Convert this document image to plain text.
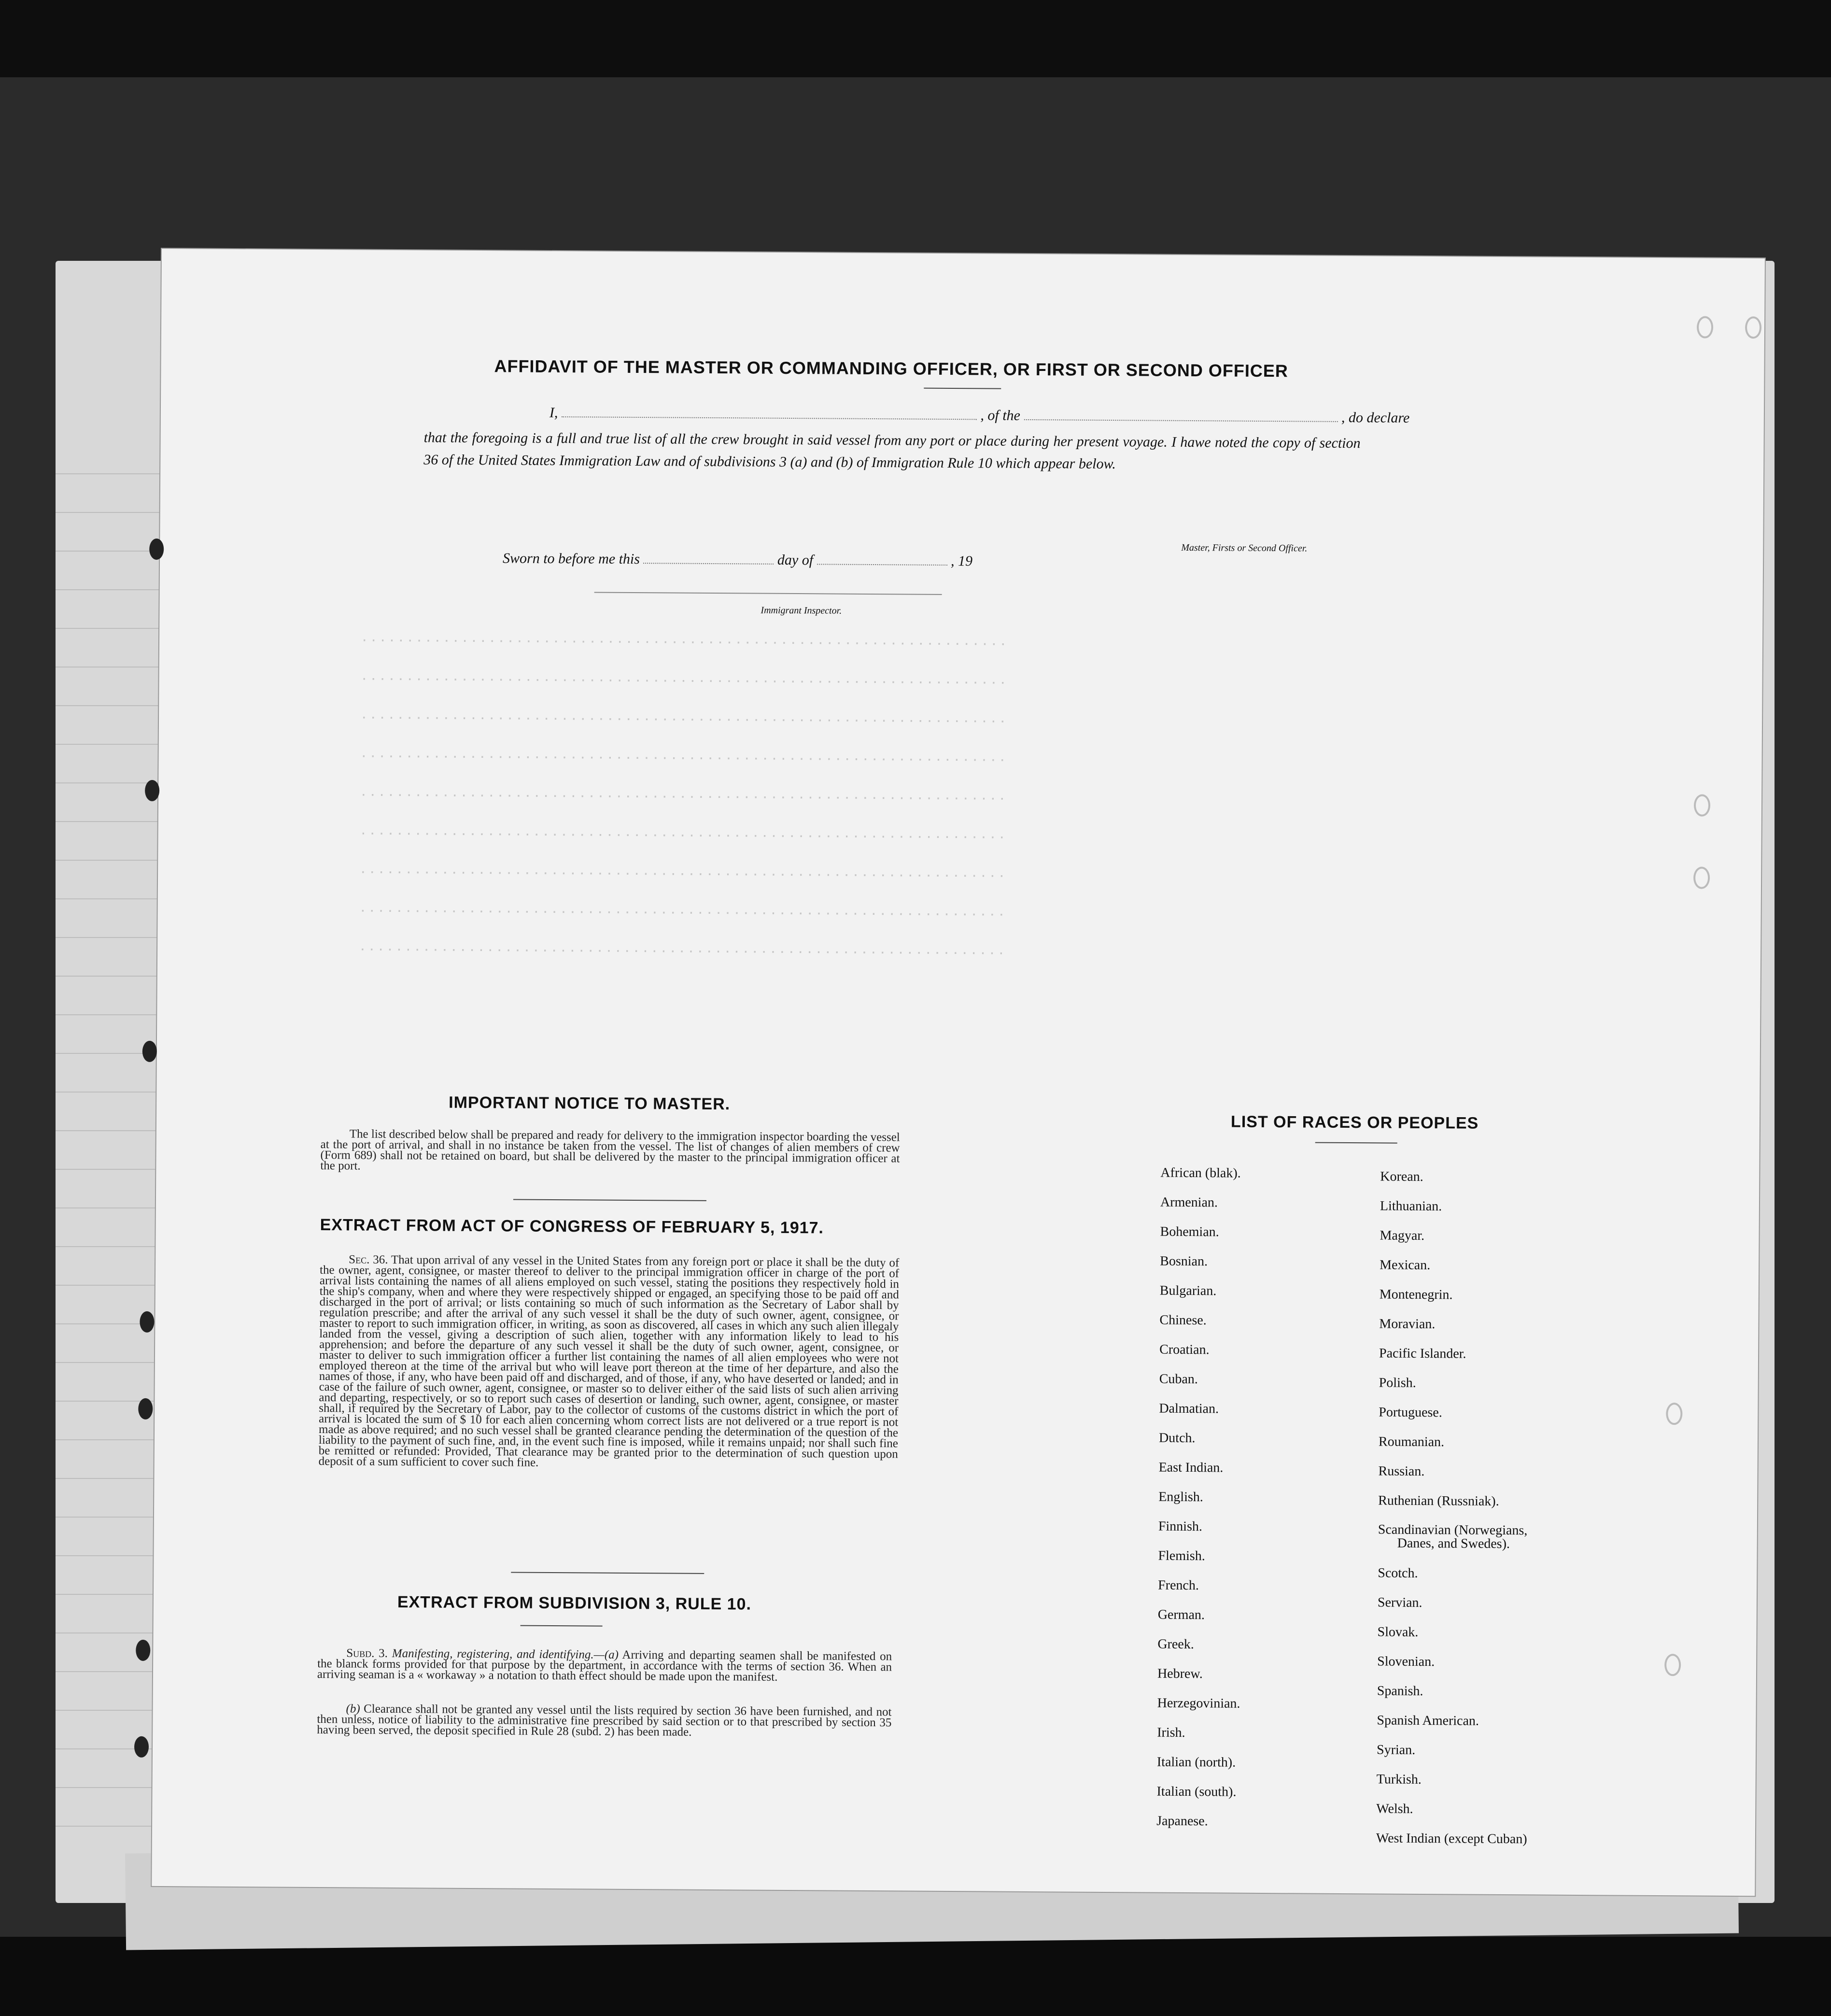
. . . . . . . . . . . . . . . . . . . . . . . . . . . . . . . . . . . . . . . . . . . . . . . . . . . . . . . . . . . . . . . . . . . . . . .
. . . . . . . . . . . . . . . . . . . . . . . . . . . . . . . . . . . . . . . . . . . . . . . . . . . . . . . . . . . . . . . . . . . . . . .
. . . . . . . . . . . . . . . . . . . . . . . . . . . . . . . . . . . . . . . . . . . . . . . . . . . . . . . . . . . . . . . . . . . . . . .
. . . . . . . . . . . . . . . . . . . . . . . . . . . . . . . . . . . . . . . . . . . . . . . . . . . . . . . . . . . . . . . . . . . . . . .
. . . . . . . . . . . . . . . . . . . . . . . . . . . . . . . . . . . . . . . . . . . . . . . . . . . . . . . . . . . . . . . . . . . . . . .
. . . . . . . . . . . . . . . . . . . . . . . . . . . . . . . . . . . . . . . . . . . . . . . . . . . . . . . . . . . . . . . . . . . . . . .
. . . . . . . . . . . . . . . . . . . . . . . . . . . . . . . . . . . . . . . . . . . . . . . . . . . . . . . . . . . . . . . . . . . . . . .
. . . . . . . . . . . . . . . . . . . . . . . . . . . . . . . . . . . . . . . . . . . . . . . . . . . . . . . . . . . . . . . . . . . . . . .
. . . . . . . . . . . . . . . . . . . . . . . . . . . . . . . . . . . . . . . . . . . . . . . . . . . . . . . . . . . . . . . . . . . . . . .
AFFIDAVIT OF THE MASTER OR COMMANDING OFFICER, OR FIRST OR SECOND OFFICER
I,	, of the	, do declare
that the foregoing is a full and true list of all the crew brought in said vessel from any port or place during her present voyage. I hawe noted the copy of section 36 of the United States Immigration Law and of subdivisions 3 (a) and (b) of Immigration Rule 10 which appear below.
Master, Firsts or Second Officer.
Sworn to before me this	day of	, 19
Immigrant Inspector.
IMPORTANT NOTICE TO MASTER.
The list described below shall be prepared and ready for delivery to the immigration inspector boarding the vessel at the port of arrival, and shall in no instance be taken from the vessel. The list of changes of alien members of crew (Form 689) shall not be retained on board, but shall be delivered by the master to the principal immigration officer at the port.
EXTRACT FROM ACT OF CONGRESS OF FEBRUARY 5, 1917.
Sec. 36. That upon arrival of any vessel in the United States from any foreign port or place it shall be the duty of the owner, agent, consignee, or master thereof to deliver to the principal immigration officer in charge of the port of arrival lists containing the names of all aliens employed on such vessel, stating the positions they respectively hold in the ship's company, when and where they were respectively shipped or engaged, an specifying those to be paid off and discharged in the port of arrival; or lists containing so much of such information as the Secretary of Labor shall by regulation prescribe; and after the arrival of any such vessel it shall be the duty of such owner, agent, consignee, or master to report to such immigration officer, in writing, as soon as discovered, all cases in which any such alien illegaly landed from the vessel, giving a description of such alien, together with any information likely to lead to his apprehension; and before the departure of any such vessel it shall be the duty of such owner, agent, consignee, or master to deliver to such immigration officer a further list containing the names of all alien employees who were not employed thereon at the time of the arrival but who will leave port thereon at the time of her departure, and also the names of those, if any, who have been paid off and discharged, and of those, if any, who have deserted or landed; and in case of the failure of such owner, agent, consignee, or master so to deliver either of the said lists of such alien arriving and departing, respectively, or so to report such cases of desertion or landing, such owner, agent, consignee, or master shall, if required by the Secretary of Labor, pay to the collector of customs of the customs district in which the port of arrival is located the sum of $ 10 for each alien concerning whom correct lists are not delivered or a true report is not made as above required; and no such vessel shall be granted clearance pending the determination of the question of the liability to the payment of such fine, and, in the event such fine is imposed, while it remains unpaid; nor shall such fine be remitted or refunded: Provided, That clearance may be granted prior to the determination of such question upon deposit of a sum sufficient to cover such fine.
EXTRACT FROM SUBDIVISION 3, RULE 10.
Subd. 3. Manifesting, registering, and identifying.—(a) Arriving and departing seamen shall be manifested on the blanck forms provided for that purpose by the department, in accordance with the terms of section 36. When an arriving seaman is a « workaway » a notation to thath effect should be made upon the manifest.
(b) Clearance shall not be granted any vessel until the lists required by section 36 have been furnished, and not then unless, notice of liability to the administrative fine prescribed by said section or to that prescribed by section 35 having been served, the deposit specified in Rule 28 (subd. 2) has been made.
LIST OF RACES OR PEOPLES
African (blak).
Armenian.
Bohemian.
Bosnian.
Bulgarian.
Chinese.
Croatian.
Cuban.
Dalmatian.
Dutch.
East Indian.
English.
Finnish.
Flemish.
French.
German.
Greek.
Hebrew.
Herzegovinian.
Irish.
Italian (north).
Italian (south).
Japanese.
Korean.
Lithuanian.
Magyar.
Mexican.
Montenegrin.
Moravian.
Pacific Islander.
Polish.
Portuguese.
Roumanian.
Russian.
Ruthenian (Russniak).
Scandinavian (Norwegians,
Danes, and Swedes).
Scotch.
Servian.
Slovak.
Slovenian.
Spanish.
Spanish American.
Syrian.
Turkish.
Welsh.
West Indian (except Cuban)
